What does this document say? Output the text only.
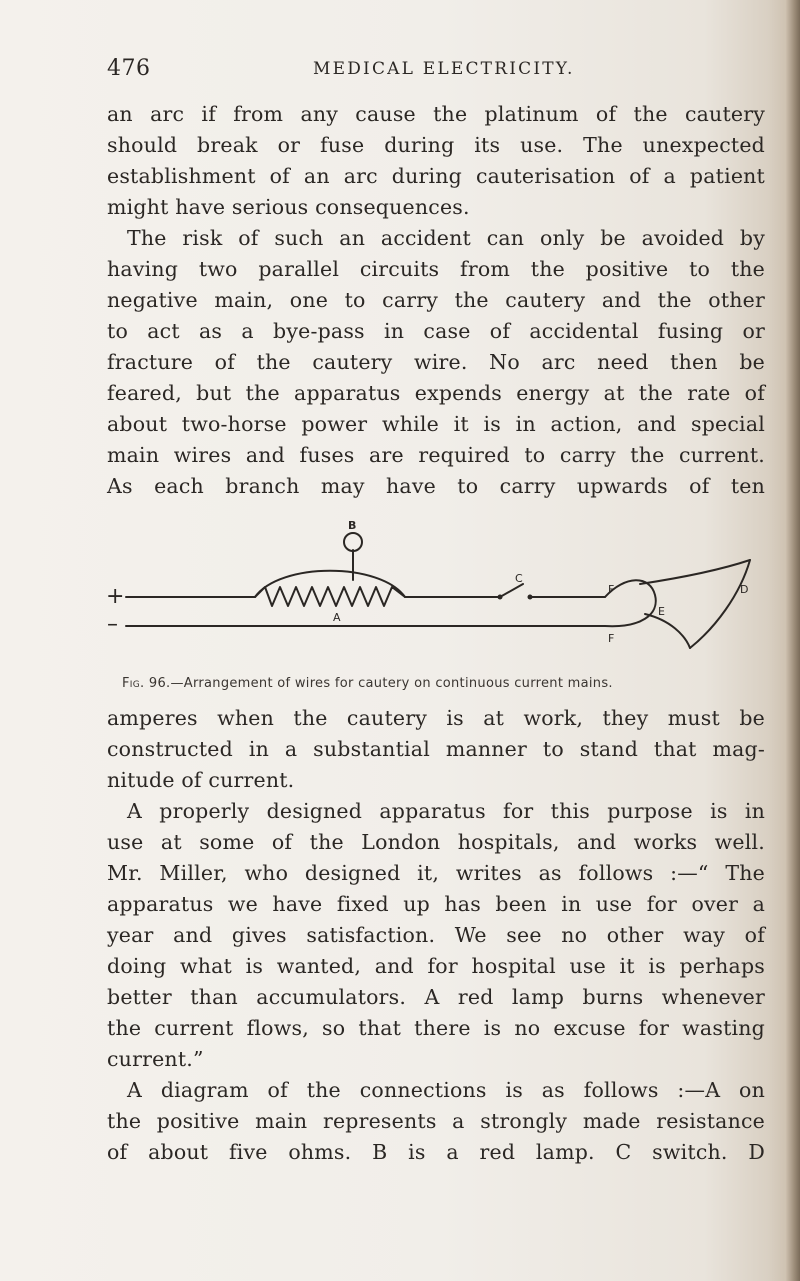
476	MEDICAL ELECTRICITY.

an arc if from any cause the platinum of the cautery
should break or fuse during its use. The unexpected
establishment of an arc during cauterisation of a patient
might have serious consequences.

The risk of such an accident can only be avoided by
having two parallel circuits from the positive to the
negative main, one to carry the cautery and the other
to act as a bye-pass in case of accidental fusing or
fracture of the cautery wire. No arc need then be
feared, but the apparatus expends energy at the rate of
about two-horse power while it is in action, and special
main wires and fuses are required to carry the current.
As each branch may have to carry upwards of ten

+
–
B
A
C
F
F
E
D
Fig. 96.—Arrangement of wires for cautery on continuous current mains.

amperes when the cautery is at work, they must be
constructed in a substantial manner to stand that mag-
nitude of current.

A properly designed apparatus for this purpose is in
use at some of the London hospitals, and works well.
Mr. Miller, who designed it, writes as follows :—“ The
apparatus we have fixed up has been in use for over a
year and gives satisfaction. We see no other way of
doing what is wanted, and for hospital use it is perhaps
better than accumulators. A red lamp burns whenever
the current flows, so that there is no excuse for wasting
current.”

A diagram of the connections is as follows :—A on
the positive main represents a strongly made resistance
of about five ohms. B is a red lamp. C switch. D
